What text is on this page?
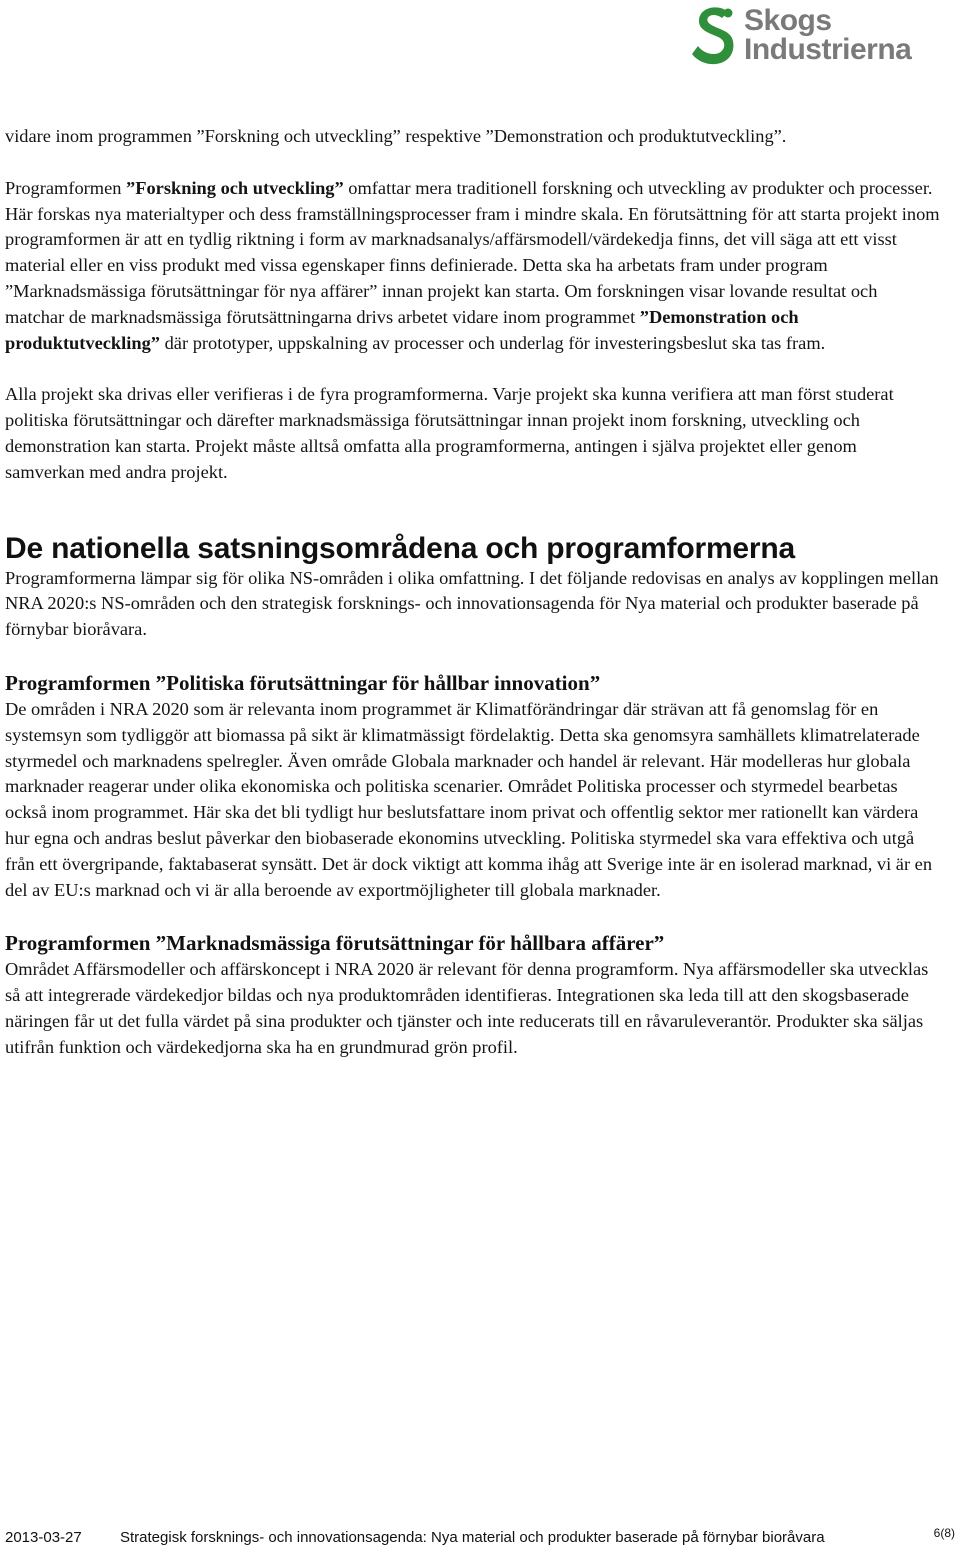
Skogs
Industrierna

vidare inom programmen ”Forskning och utveckling” respektive ”Demonstration och produktutveckling”.

Programformen ”Forskning och utveckling” omfattar mera traditionell forskning och utveckling av produkter och processer. Här forskas nya materialtyper och dess framställningsprocesser fram i mindre skala. En förutsättning för att starta projekt inom programformen är att en tydlig riktning i form av marknadsanalys/affärsmodell/värdekedja finns, det vill säga att ett visst material eller en viss produkt med vissa egenskaper finns definierade. Detta ska ha arbetats fram under program ”Marknadsmässiga förutsättningar för nya affärer” innan projekt kan starta. Om forskningen visar lovande resultat och matchar de marknadsmässiga förutsättningarna drivs arbetet vidare inom programmet ”Demonstration och produktutveckling” där prototyper, uppskalning av processer och underlag för investeringsbeslut ska tas fram.

Alla projekt ska drivas eller verifieras i de fyra programformerna. Varje projekt ska kunna verifiera att man först studerat politiska förutsättningar och därefter marknadsmässiga förutsättningar innan projekt inom forskning, utveckling och demonstration kan starta. Projekt måste alltså omfatta alla programformerna, antingen i själva projektet eller genom samverkan med andra projekt.

De nationella satsningsområdena och programformerna

Programformerna lämpar sig för olika NS-områden i olika omfattning. I det följande redovisas en analys av kopplingen mellan NRA 2020:s NS-områden och den strategisk forsknings- och innovationsagenda för Nya material och produkter baserade på förnybar bioråvara.

Programformen ”Politiska förutsättningar för hållbar innovation”

De områden i NRA 2020 som är relevanta inom programmet är Klimatförändringar där strävan att få genomslag för en systemsyn som tydliggör att biomassa på sikt är klimatmässigt fördelaktig. Detta ska genomsyra samhällets klimatrelaterade styrmedel och marknadens spelregler. Även område Globala marknader och handel är relevant. Här modelleras hur globala marknader reagerar under olika ekonomiska och politiska scenarier. Området Politiska processer och styrmedel bearbetas också inom programmet. Här ska det bli tydligt hur beslutsfattare inom privat och offentlig sektor mer rationellt kan värdera hur egna och andras beslut påverkar den biobaserade ekonomins utveckling. Politiska styrmedel ska vara effektiva och utgå från ett övergripande, faktabaserat synsätt. Det är dock viktigt att komma ihåg att Sverige inte är en isolerad marknad, vi är en del av EU:s marknad och vi är alla beroende av exportmöjligheter till globala marknader.

Programformen ”Marknadsmässiga förutsättningar för hållbara affärer”

Området Affärsmodeller och affärskoncept i NRA 2020 är relevant för denna programform. Nya affärsmodeller ska utvecklas så att integrerade värdekedjor bildas och nya produktområden identifieras. Integrationen ska leda till att den skogsbaserade näringen får ut det fulla värdet på sina produkter och tjänster och inte reducerats till en råvaruleverantör. Produkter ska säljas utifrån funktion och värdekedjorna ska ha en grundmurad grön profil.

2013-03-27	Strategisk forsknings- och innovationsagenda: Nya material och produkter baserade på förnybar bioråvara	6(8)
